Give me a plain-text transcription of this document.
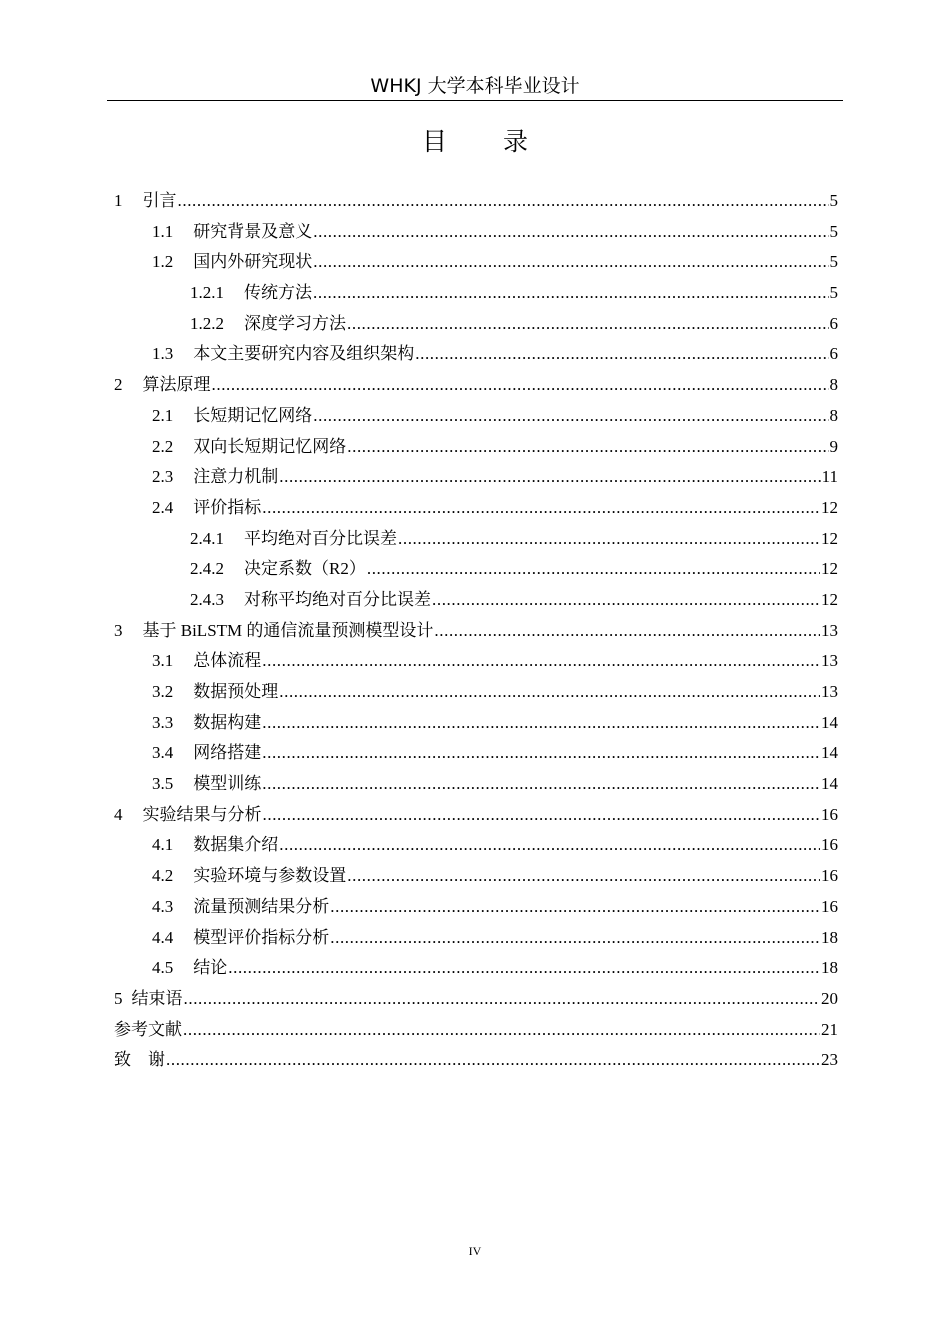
WHKJ 大学本科毕业设计
目 录
1 引言 .....	5
1.1 研究背景及意义 .....	5
1.2 国内外研究现状 .....	5
1.2.1 传统方法 .....	5
1.2.2 深度学习方法 .....	6
1.3 本文主要研究内容及组织架构 .....	6
2 算法原理 .....	8
2.1 长短期记忆网络 .....	8
2.2 双向长短期记忆网络 .....	9
2.3 注意力机制 .....	11
2.4 评价指标 .....	12
2.4.1 平均绝对百分比误差 .....	12
2.4.2 决定系数（R2） .....	12
2.4.3 对称平均绝对百分比误差 .....	12
3 基于 BiLSTM 的通信流量预测模型设计 .....	13
3.1 总体流程 .....	13
3.2 数据预处理 .....	13
3.3 数据构建 .....	14
3.4 网络搭建 .....	14
3.5 模型训练 .....	14
4 实验结果与分析 .....	16
4.1 数据集介绍 .....	16
4.2 实验环境与参数设置 .....	16
4.3 流量预测结果分析 .....	16
4.4 模型评价指标分析 .....	18
4.5 结论 .....	18
5 结束语 .....	20
参考文献 .....	21
致　谢 .....	23
IV
